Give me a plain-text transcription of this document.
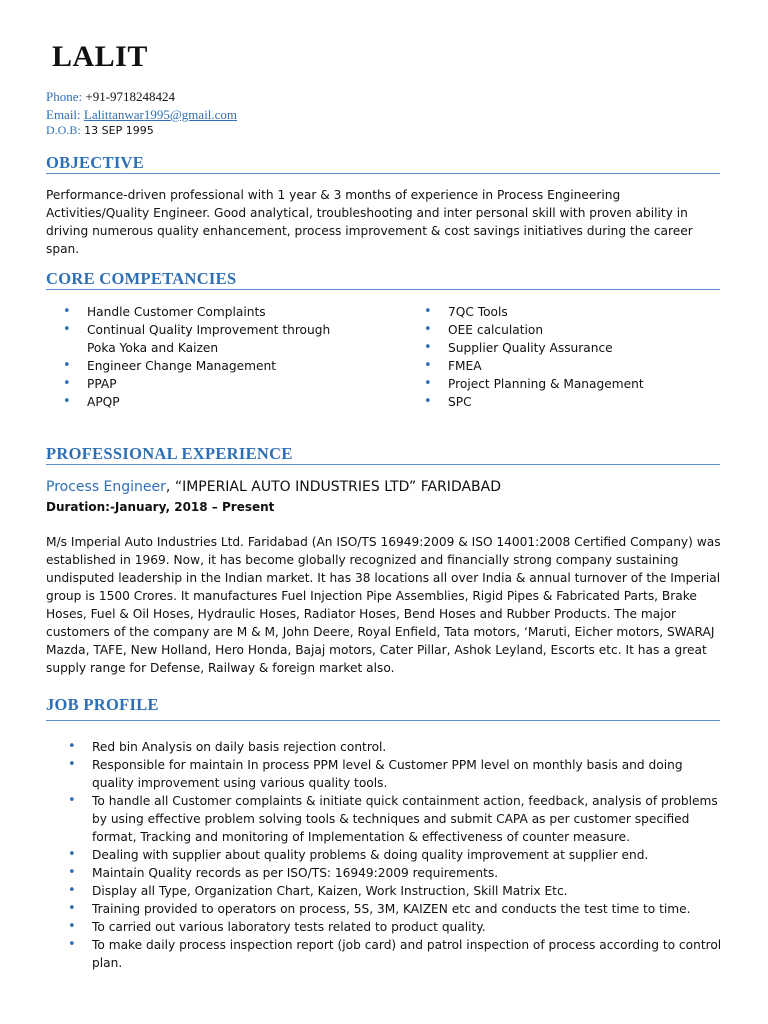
LALIT
Phone: +91-9718248424
Email: Lalittanwar1995@gmail.com
D.O.B: 13 SEP 1995
OBJECTIVE
Performance-driven professional with 1 year & 3 months of experience in Process Engineering Activities/Quality Engineer. Good analytical, troubleshooting and inter personal skill with proven ability in driving numerous quality enhancement, process improvement & cost savings initiatives during the career span.
CORE COMPETANCIES
• Handle Customer Complaints
• Continual Quality Improvement through Poka Yoka and Kaizen
• Engineer Change Management
• PPAP
• APQP
• 7QC Tools
• OEE calculation
• Supplier Quality Assurance
• FMEA
• Project Planning & Management
• SPC
PROFESSIONAL EXPERIENCE
Process Engineer, “IMPERIAL AUTO INDUSTRIES LTD” FARIDABAD
Duration:-January, 2018 – Present
M/s Imperial Auto Industries Ltd. Faridabad (An ISO/TS 16949:2009 & ISO 14001:2008 Certified Company) was established in 1969. Now, it has become globally recognized and financially strong company sustaining undisputed leadership in the Indian market. It has 38 locations all over India & annual turnover of the Imperial group is 1500 Crores. It manufactures Fuel Injection Pipe Assemblies, Rigid Pipes & Fabricated Parts, Brake Hoses, Fuel & Oil Hoses, Hydraulic Hoses, Radiator Hoses, Bend Hoses and Rubber Products. The major customers of the company are M & M, John Deere, Royal Enfield, Tata motors, ‘Maruti, Eicher motors, SWARAJ Mazda, TAFE, New Holland, Hero Honda, Bajaj motors, Cater Pillar, Ashok Leyland, Escorts etc. It has a great supply range for Defense, Railway & foreign market also.
JOB PROFILE
• Red bin Analysis on daily basis rejection control.
• Responsible for maintain In process PPM level & Customer PPM level on monthly basis and doing quality improvement using various quality tools.
• To handle all Customer complaints & initiate quick containment action, feedback, analysis of problems by using effective problem solving tools & techniques and submit CAPA as per customer specified format, Tracking and monitoring of Implementation & effectiveness of counter measure.
• Dealing with supplier about quality problems & doing quality improvement at supplier end.
• Maintain Quality records as per ISO/TS: 16949:2009 requirements.
• Display all Type, Organization Chart, Kaizen, Work Instruction, Skill Matrix Etc.
• Training provided to operators on process, 5S, 3M, KAIZEN etc and conducts the test time to time.
• To carried out various laboratory tests related to product quality.
• To make daily process inspection report (job card) and patrol inspection of process according to control plan.
